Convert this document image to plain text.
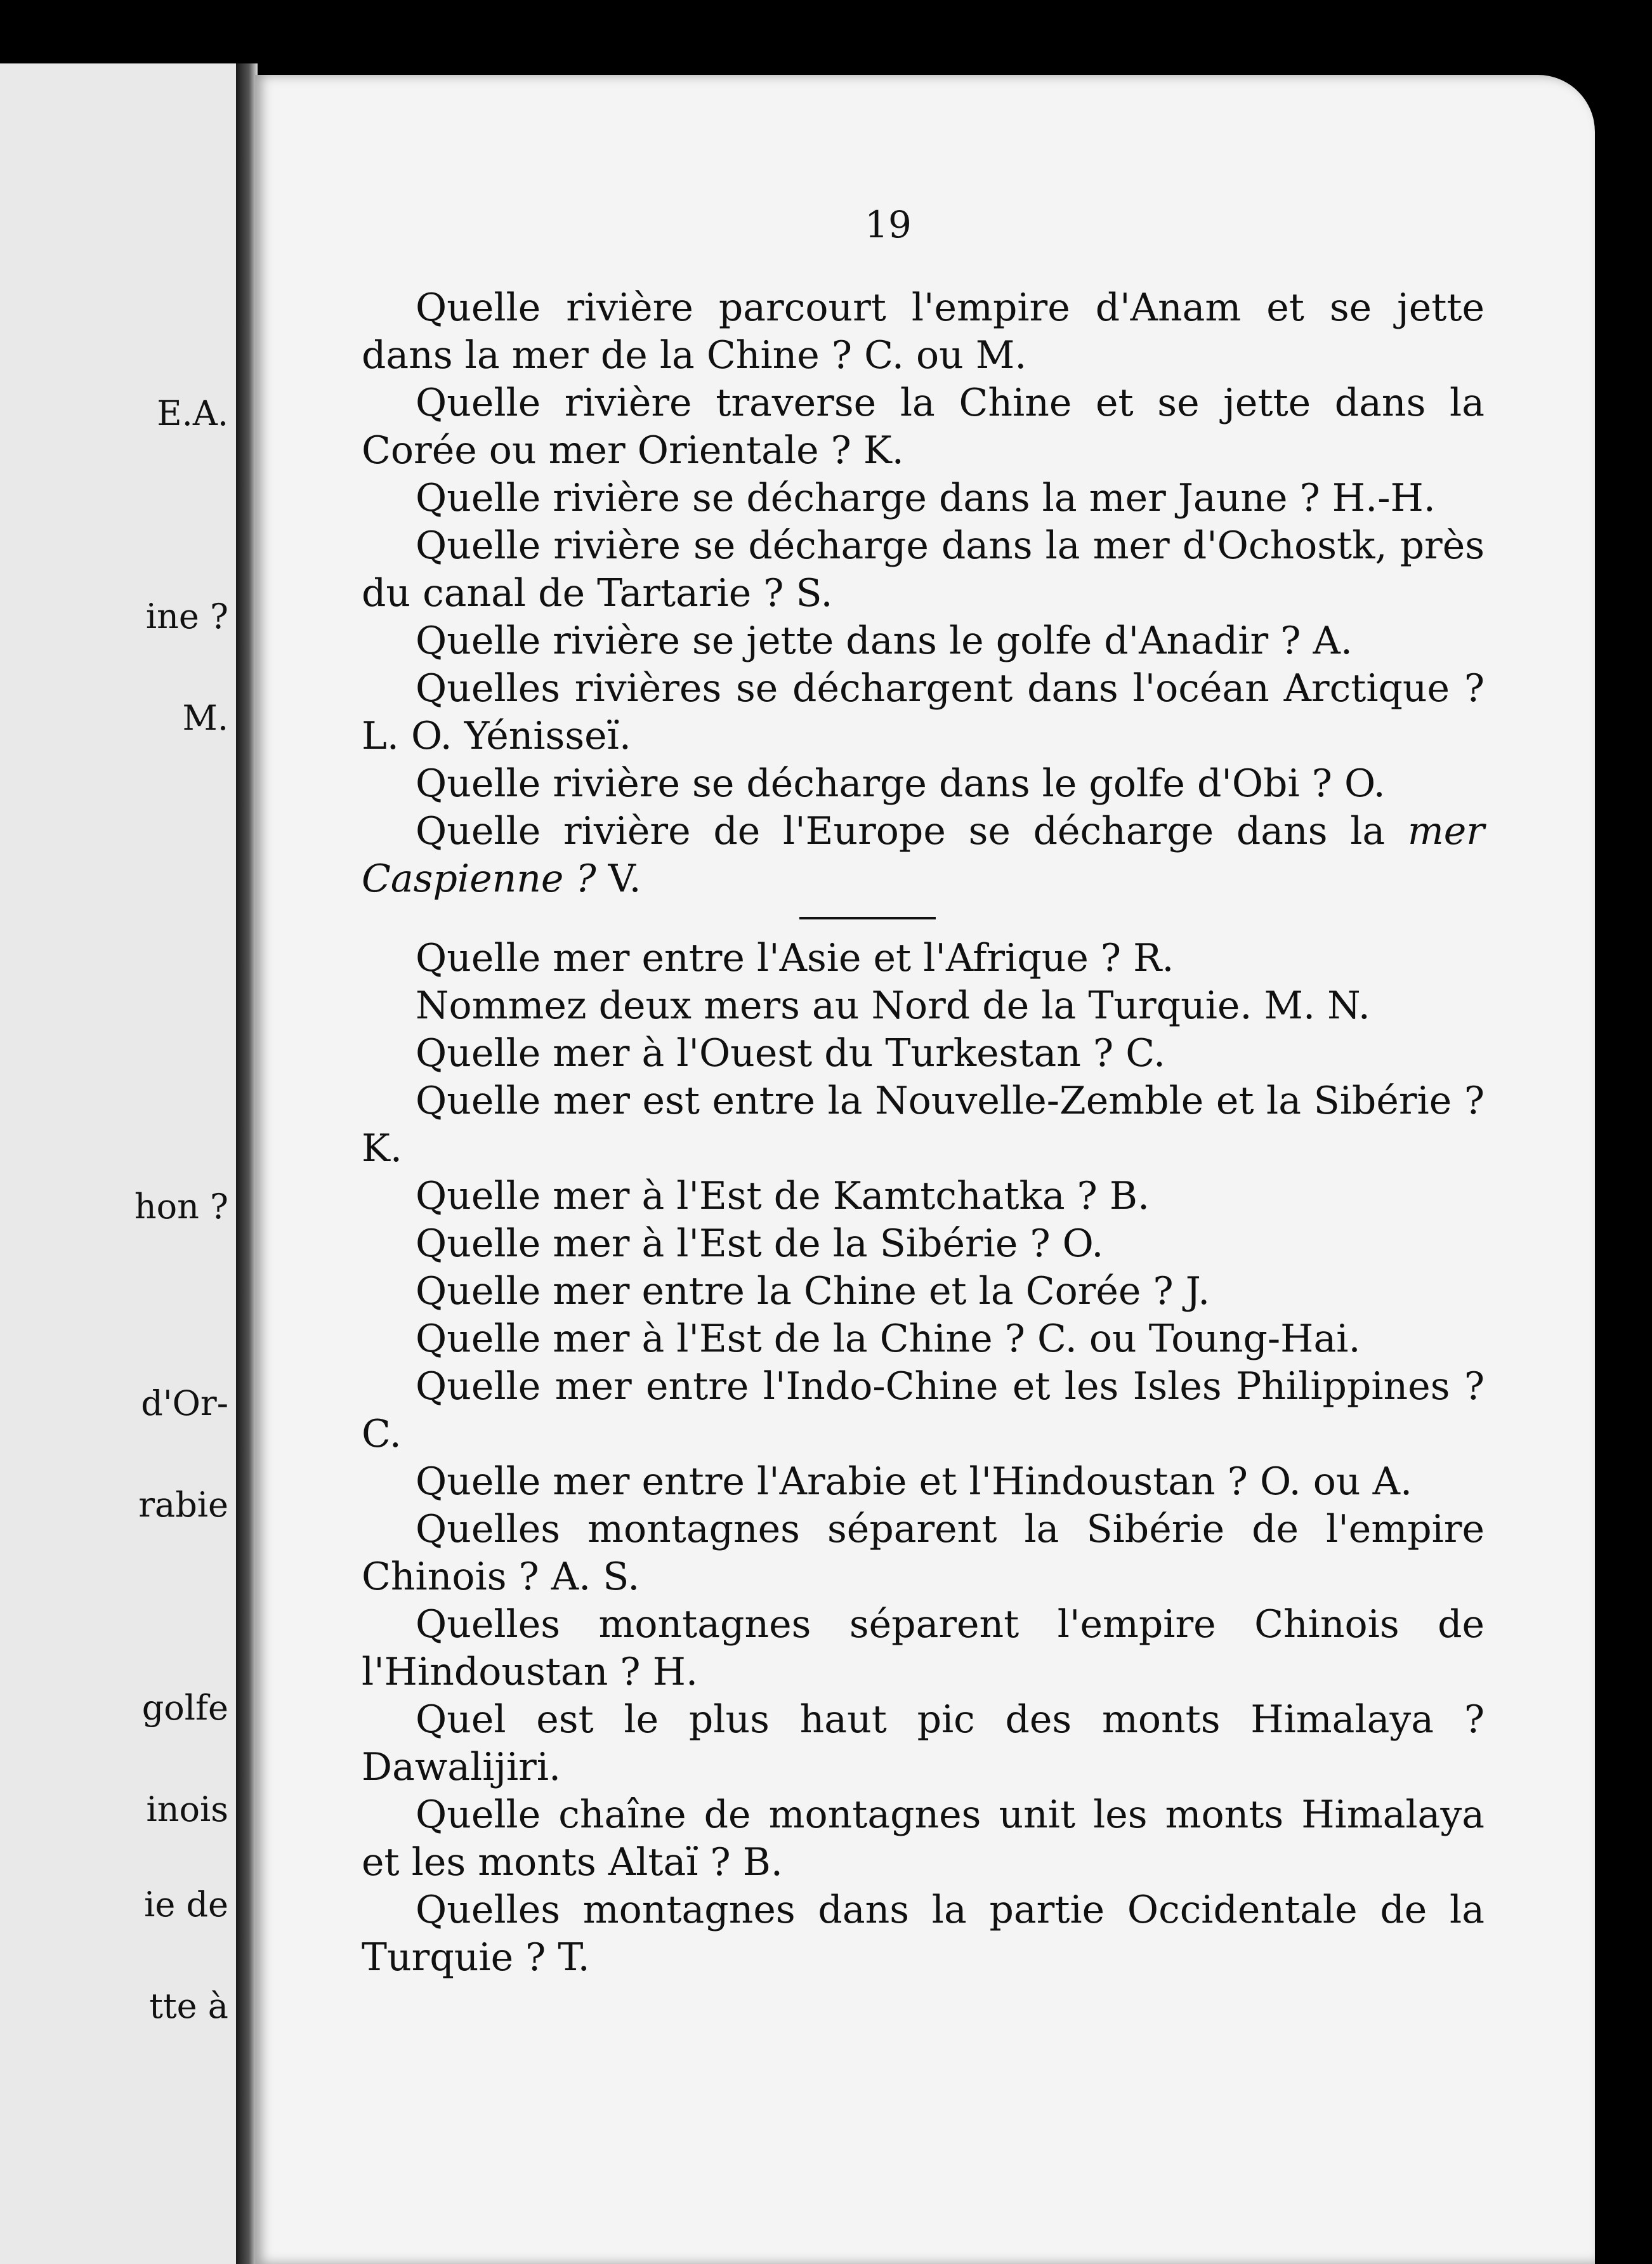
E.A.
ine ?
M.
hon ?
d'Or-
rabie
golfe
inois
ie de
tte à
19

Quelle rivière parcourt l'empire d'Anam et se jette dans la mer de la Chine ? C. ou M.

Quelle rivière traverse la Chine et se jette dans la Corée ou mer Orientale ? K.

Quelle rivière se décharge dans la mer Jaune ? H.-H.

Quelle rivière se décharge dans la mer d'Ochostk, près du canal de Tartarie ? S.

Quelle rivière se jette dans le golfe d'Anadir ? A.

Quelles rivières se déchargent dans l'océan Arctique ? L. O. Yénisseï.

Quelle rivière se décharge dans le golfe d'Obi ? O.

Quelle rivière de l'Europe se décharge dans la mer Caspienne ? V.

Quelle mer entre l'Asie et l'Afrique ? R.

Nommez deux mers au Nord de la Turquie. M. N.

Quelle mer à l'Ouest du Turkestan ? C.

Quelle mer est entre la Nouvelle-Zemble et la Sibérie ? K.

Quelle mer à l'Est de Kamtchatka ? B.

Quelle mer à l'Est de la Sibérie ? O.

Quelle mer entre la Chine et la Corée ? J.

Quelle mer à l'Est de la Chine ? C. ou Toung-Hai.

Quelle mer entre l'Indo-Chine et les Isles Philippines ? C.

Quelle mer entre l'Arabie et l'Hindoustan ? O. ou A.

Quelles montagnes séparent la Sibérie de l'empire Chinois ? A. S.

Quelles montagnes séparent l'empire Chinois de l'Hindoustan ? H.

Quel est le plus haut pic des monts Himalaya ? Dawalijiri.

Quelle chaîne de montagnes unit les monts Himalaya et les monts Altaï ? B.

Quelles montagnes dans la partie Occidentale de la Turquie ? T.
